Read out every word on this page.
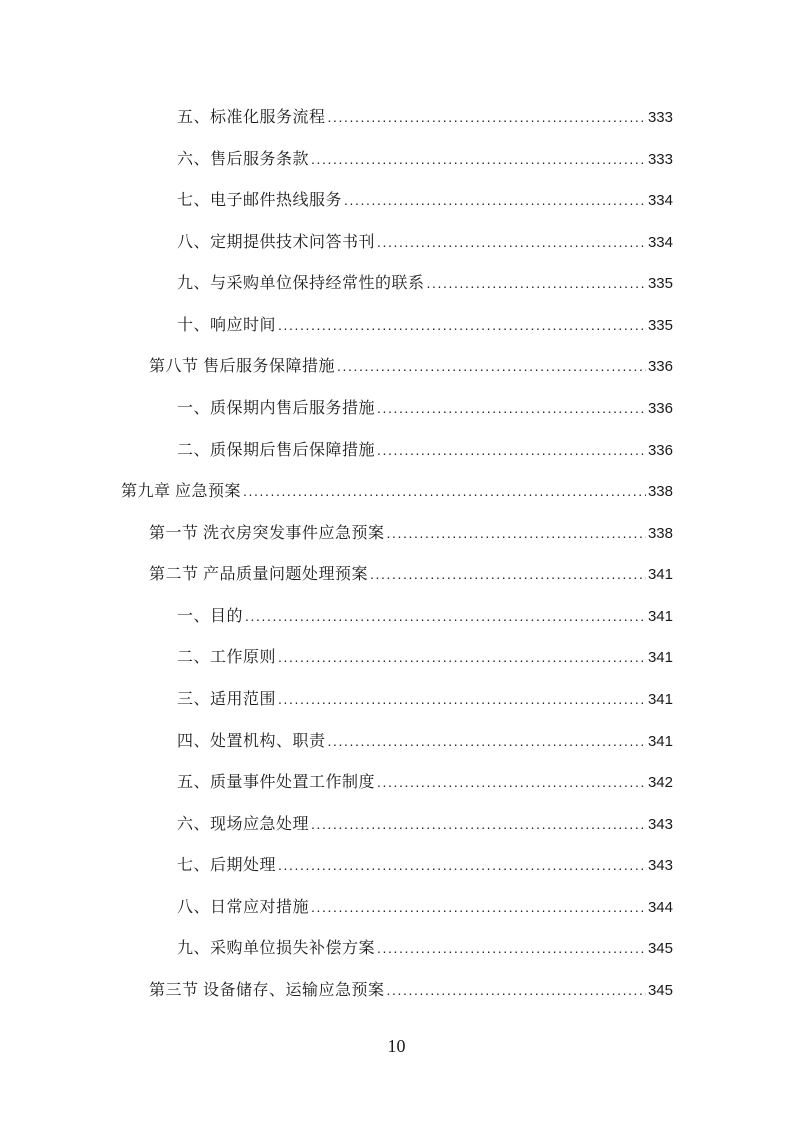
五、标准化服务流程 .....	333
六、售后服务条款 .....	333
七、电子邮件热线服务 .....	334
八、定期提供技术问答书刊 .....	334
九、与采购单位保持经常性的联系 .....	335
十、响应时间 .....	335
第八节 售后服务保障措施 .....	336
一、质保期内售后服务措施 .....	336
二、质保期后售后保障措施 .....	336
第九章 应急预案 .....	338
第一节 洗衣房突发事件应急预案 .....	338
第二节 产品质量问题处理预案 .....	341
一、目的 .....	341
二、工作原则 .....	341
三、适用范围 .....	341
四、处置机构、职责 .....	341
五、质量事件处置工作制度 .....	342
六、现场应急处理 .....	343
七、后期处理 .....	343
八、日常应对措施 .....	344
九、采购单位损失补偿方案 .....	345
第三节 设备储存、运输应急预案 .....	345
10
